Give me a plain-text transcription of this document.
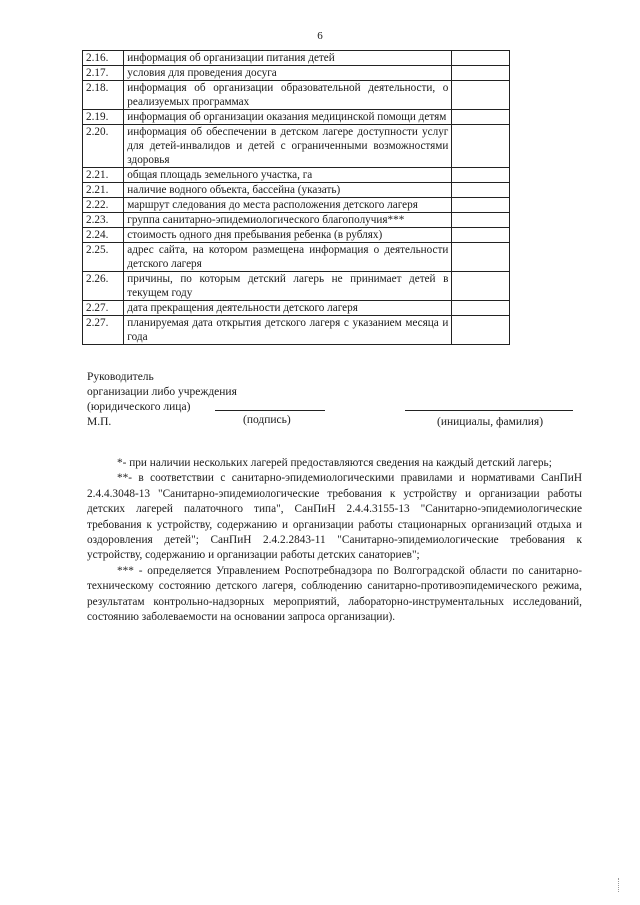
6
2.16.	информация об организации питания детей	
2.17.	условия для проведения досуга	
2.18.	информация об организации образовательной деятельности, о реализуемых программах	
2.19.	информация об организации оказания медицинской помощи детям	
2.20.	информация об обеспечении в детском лагере доступности услуг для детей-инвалидов и детей с ограниченными возможностями здоровья	
2.21.	общая площадь земельного участка, га	
2.21.	наличие водного объекта, бассейна (указать)	
2.22.	маршрут следования до места расположения детского лагеря	
2.23.	группа санитарно-эпидемиологического благополучия***	
2.24.	стоимость одного дня пребывания ребенка (в рублях)	
2.25.	адрес сайта, на котором размещена информация о деятельности детского лагеря	
2.26.	причины, по которым детский лагерь не принимает детей в текущем году	
2.27.	дата прекращения деятельности детского лагеря	
2.27.	планируемая дата открытия детского лагеря с указанием месяца и года	
Руководитель
организации либо учреждения
(юридического лица)
М.П.	(подпись)	(инициалы, фамилия)

*- при наличии нескольких лагерей предоставляются сведения на каждый детский лагерь;

**- в соответствии с санитарно-эпидемиологическими правилами и нормативами СанПиН 2.4.4.3048-13 "Санитарно-эпидемиологические требования к устройству и организации работы детских лагерей палаточного типа", СанПиН 2.4.4.3155-13 "Санитарно-эпидемиологические требования к устройству, содержанию и организации работы стационарных организаций отдыха и оздоровления детей"; СанПиН 2.4.2.2843-11 "Санитарно-эпидемиологические требования к устройству, содержанию и организации работы детских санаториев";

*** - определяется Управлением Роспотребнадзора по Волгоградской области по санитарно-техническому состоянию детского лагеря, соблюдению санитарно-противоэпидемического режима, результатам контрольно-надзорных мероприятий, лабораторно-инструментальных исследований, состоянию заболеваемости на основании запроса организации).
